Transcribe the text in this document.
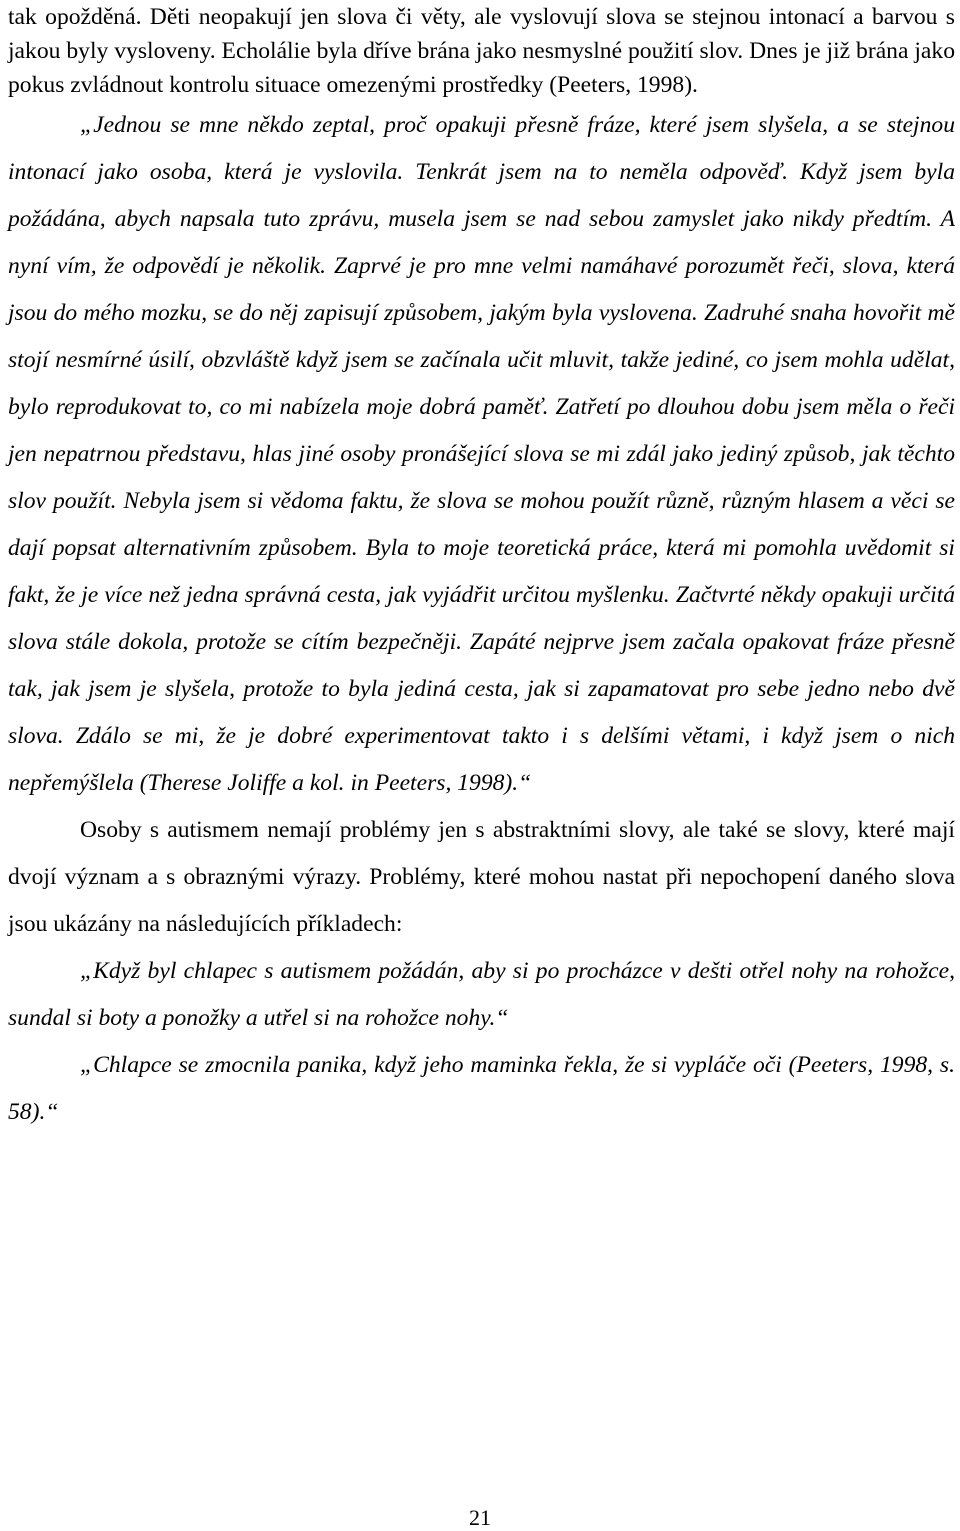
tak opožděná. Děti neopakují jen slova či věty, ale vyslovují slova se stejnou intonací a barvou s jakou byly vysloveny. Echolálie byla dříve brána jako nesmyslné použití slov. Dnes je již brána jako pokus zvládnout kontrolu situace omezenými prostředky (Peeters, 1998).

„Jednou se mne někdo zeptal, proč opakuji přesně fráze, které jsem slyšela, a se stejnou intonací jako osoba, která je vyslovila. Tenkrát jsem na to neměla odpověď. Když jsem byla požádána, abych napsala tuto zprávu, musela jsem se nad sebou zamyslet jako nikdy předtím. A nyní vím, že odpovědí je několik. Zaprvé je pro mne velmi namáhavé porozumět řeči, slova, která jsou do mého mozku, se do něj zapisují způsobem, jakým byla vyslovena. Zadruhé snaha hovořit mě stojí nesmírné úsilí, obzvláště když jsem se začínala učit mluvit, takže jediné, co jsem mohla udělat, bylo reprodukovat to, co mi nabízela moje dobrá paměť. Zatřetí po dlouhou dobu jsem měla o řeči jen nepatrnou představu, hlas jiné osoby pronášející slova se mi zdál jako jediný způsob, jak těchto slov použít. Nebyla jsem si vědoma faktu, že slova se mohou použít různě, různým hlasem a věci se dají popsat alternativním způsobem. Byla to moje teoretická práce, která mi pomohla uvědomit si fakt, že je více než jedna správná cesta, jak vyjádřit určitou myšlenku. Začtvrté někdy opakuji určitá slova stále dokola, protože se cítím bezpečněji. Zapáté nejprve jsem začala opakovat fráze přesně tak, jak jsem je slyšela, protože to byla jediná cesta, jak si zapamatovat pro sebe jedno nebo dvě slova. Zdálo se mi, že je dobré experimentovat takto i s delšími větami, i když jsem o nich nepřemýšlela (Therese Joliffe a kol. in Peeters, 1998).“

Osoby s autismem nemají problémy jen s abstraktními slovy, ale také se slovy, které mají dvojí význam a s obraznými výrazy. Problémy, které mohou nastat při nepochopení daného slova jsou ukázány na následujících příkladech:

„Když byl chlapec s autismem požádán, aby si po procházce v dešti otřel nohy na rohožce, sundal si boty a ponožky a utřel si na rohožce nohy.“

„Chlapce se zmocnila panika, když jeho maminka řekla, že si vypláče oči (Peeters, 1998, s. 58).“

21
